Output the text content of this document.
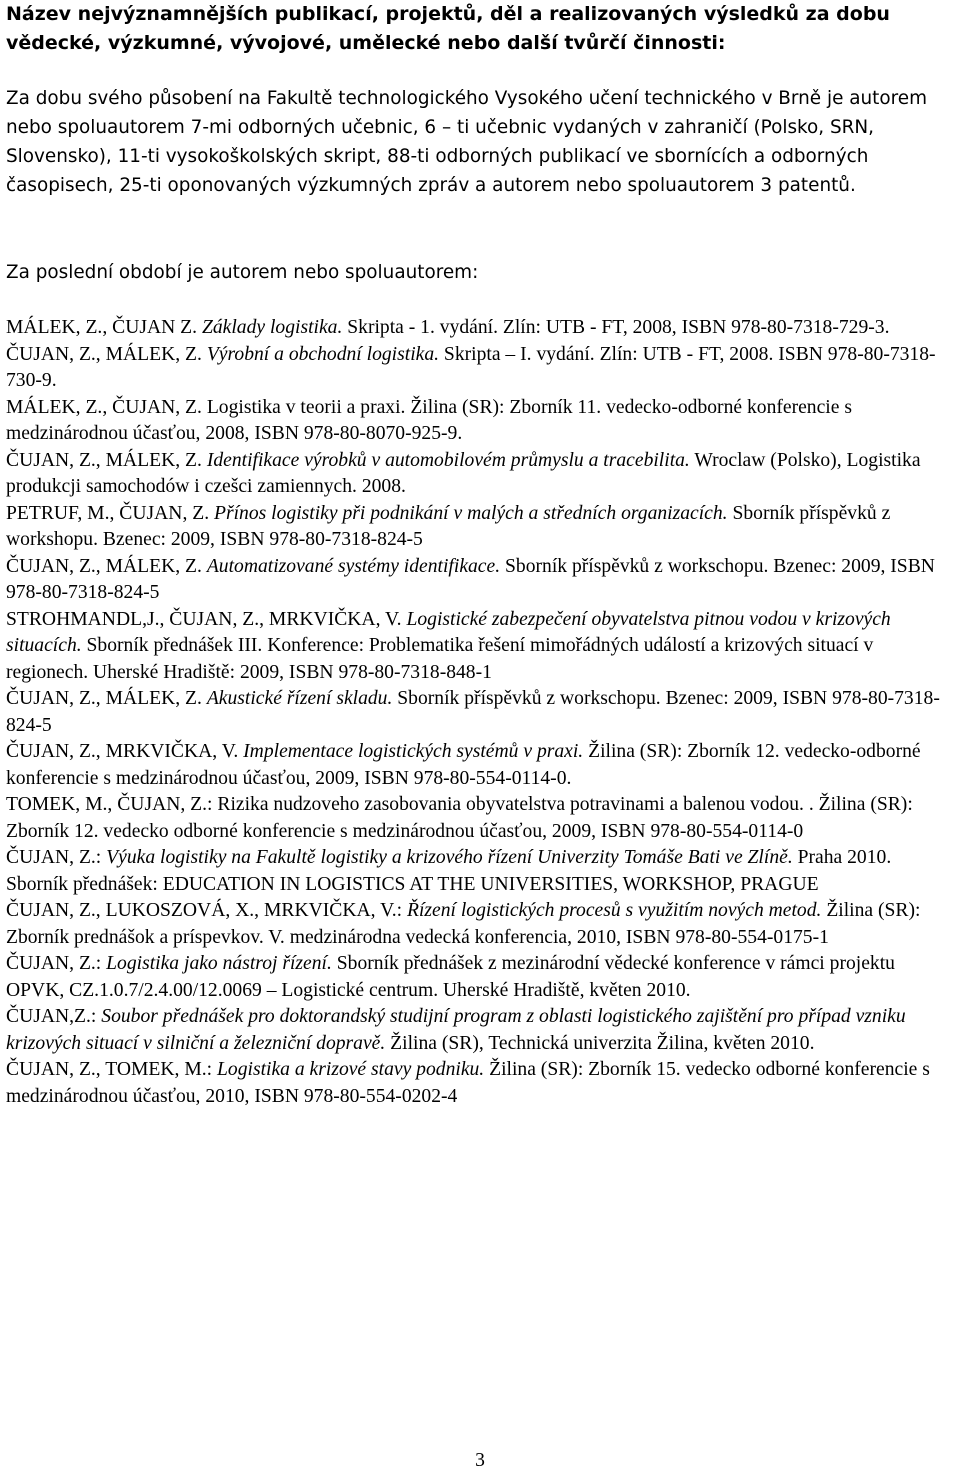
Název nejvýznamnějších publikací, projektů, děl a realizovaných výsledků za dobu
vědecké, výzkumné, vývojové, umělecké nebo další tvůrčí činnosti:

Za dobu svého působení na Fakultě technologického Vysokého učení technického v Brně je autorem nebo spoluautorem 7-mi odborných učebnic, 6 – ti učebnic vydaných v zahraničí (Polsko, SRN, Slovensko), 11-ti vysokoškolských skript, 88-ti odborných publikací ve sbornících a odborných časopisech, 25-ti oponovaných výzkumných zpráv a autorem nebo spoluautorem 3 patentů.

Za poslední období je autorem nebo spoluautorem:

MÁLEK, Z., ČUJAN Z. Základy logistika. Skripta - 1. vydání. Zlín: UTB - FT, 2008, ISBN 978-80-7318-729-3.

ČUJAN, Z., MÁLEK, Z. Výrobní a obchodní logistika. Skripta – I. vydání. Zlín: UTB - FT, 2008. ISBN 978-80-7318-730-9.

MÁLEK, Z., ČUJAN, Z. Logistika v teorii a praxi. Žilina (SR): Zborník 11. vedecko-odborné konferencie s medzinárodnou účasťou, 2008, ISBN 978-80-8070-925-9.

ČUJAN, Z., MÁLEK, Z. Identifikace výrobků v automobilovém průmyslu a tracebilita. Wroclaw (Polsko), Logistika produkcji samochodów i czešci zamiennych. 2008.

PETRUF, M., ČUJAN, Z. Přínos logistiky při podnikání v malých a středních organizacích. Sborník příspěvků z workshopu. Bzenec: 2009, ISBN 978-80-7318-824-5

ČUJAN, Z., MÁLEK, Z. Automatizované systémy identifikace. Sborník příspěvků z workschopu. Bzenec: 2009, ISBN 978-80-7318-824-5

STROHMANDL,J., ČUJAN, Z., MRKVIČKA, V. Logistické zabezpečení obyvatelstva pitnou vodou v krizových situacích. Sborník přednášek III. Konference: Problematika řešení mimořádných událostí a krizových situací v regionech. Uherské Hradiště: 2009, ISBN 978-80-7318-848-1

ČUJAN, Z., MÁLEK, Z. Akustické řízení skladu. Sborník příspěvků z workschopu. Bzenec: 2009, ISBN 978-80-7318-824-5

ČUJAN, Z., MRKVIČKA, V. Implementace logistických systémů v praxi. Žilina (SR): Zborník 12. vedecko-odborné konferencie s medzinárodnou účasťou, 2009, ISBN 978-80-554-0114-0.

TOMEK, M., ČUJAN, Z.: Rizika nudzoveho zasobovania obyvatelstva potravinami a balenou vodou. . Žilina (SR): Zborník 12. vedecko odborné konferencie s medzinárodnou účasťou, 2009, ISBN 978-80-554-0114-0

ČUJAN, Z.: Výuka logistiky na Fakultě logistiky a krizového řízení Univerzity Tomáše Bati ve Zlíně. Praha 2010. Sborník přednášek: EDUCATION IN LOGISTICS AT THE UNIVERSITIES, WORKSHOP, PRAGUE

ČUJAN, Z., LUKOSZOVÁ, X., MRKVIČKA, V.: Řízení logistických procesů s využitím nových metod. Žilina (SR): Zborník prednášok a príspevkov. V. medzinárodna vedecká konferencia, 2010, ISBN 978-80-554-0175-1

ČUJAN, Z.: Logistika jako nástroj řízení. Sborník přednášek z mezinárodní vědecké konference v rámci projektu OPVK, CZ.1.0.7/2.4.00/12.0069 – Logistické centrum. Uherské Hradiště, květen 2010.

ČUJAN,Z.: Soubor přednášek pro doktorandský studijní program z oblasti logistického zajištění pro případ vzniku krizových situací v silniční a železniční dopravě. Žilina (SR), Technická univerzita Žilina, květen 2010.

ČUJAN, Z., TOMEK, M.: Logistika a krizové stavy podniku. Žilina (SR): Zborník 15. vedecko odborné konferencie s medzinárodnou účasťou, 2010, ISBN 978-80-554-0202-4

3
